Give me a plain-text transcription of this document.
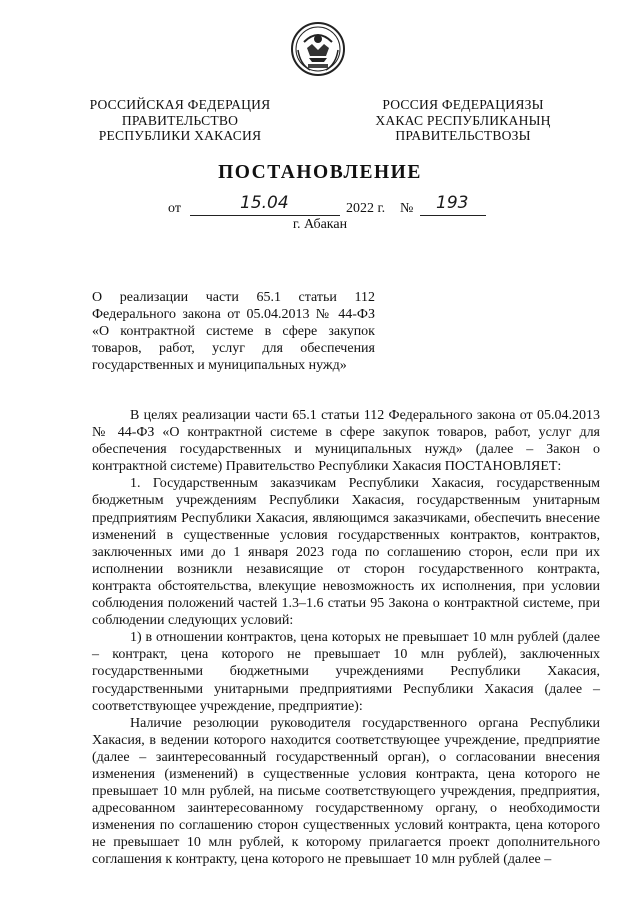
РОССИЙСКАЯ ФЕДЕРАЦИЯ
ПРАВИТЕЛЬСТВО
РЕСПУБЛИКИ ХАКАСИЯ
РОССИЯ ФЕДЕРАЦИЯЗЫ
ХАКАС РЕСПУБЛИКАНЫҢ
ПРАВИТЕЛЬСТВОЗЫ
ПОСТАНОВЛЕНИЕ
от	15.04	2022 г. № 193
г. Абакан
О реализации части 65.1 статьи 112 Федерального закона от 05.04.2013 № 44-ФЗ «О контрактной системе в сфере закупок товаров, работ, услуг для обеспечения государственных и муниципальных нужд»

В целях реализации части 65.1 статьи 112 Федерального закона от 05.04.2013 № 44-ФЗ «О контрактной системе в сфере закупок товаров, работ, услуг для обеспечения государственных и муниципальных нужд» (далее – Закон о контрактной системе) Правительство Республики Хакасия ПОСТАНОВЛЯЕТ:

1. Государственным заказчикам Республики Хакасия, государственным бюджетным учреждениям Республики Хакасия, государственным унитарным предприятиям Республики Хакасия, являющимся заказчиками, обеспечить внесение изменений в существенные условия государственных контрактов, контрактов, заключенных ими до 1 января 2023 года по соглашению сторон, если при их исполнении возникли независящие от сторон государственного контракта, контракта обстоятельства, влекущие невозможность их исполнения, при условии соблюдения положений частей 1.3–1.6 статьи 95 Закона о контрактной системе, при соблюдении следующих условий:

1) в отношении контрактов, цена которых не превышает 10 млн рублей (далее – контракт, цена которого не превышает 10 млн рублей), заключенных государственными бюджетными учреждениями Республики Хакасия, государственными унитарными предприятиями Республики Хакасия (далее – соответствующее учреждение, предприятие):

Наличие резолюции руководителя государственного органа Республики Хакасия, в ведении которого находится соответствующее учреждение, предприятие (далее – заинтересованный государственный орган), о согласовании внесения изменения (изменений) в существенные условия контракта, цена которого не превышает 10 млн рублей, на письме соответствующего учреждения, предприятия, адресованном заинтересованному государственному органу, о необходимости изменения по соглашению сторон существенных условий контракта, цена которого не превышает 10 млн рублей, к которому прилагается проект дополнительного соглашения к контракту, цена которого не превышает 10 млн рублей (далее –
